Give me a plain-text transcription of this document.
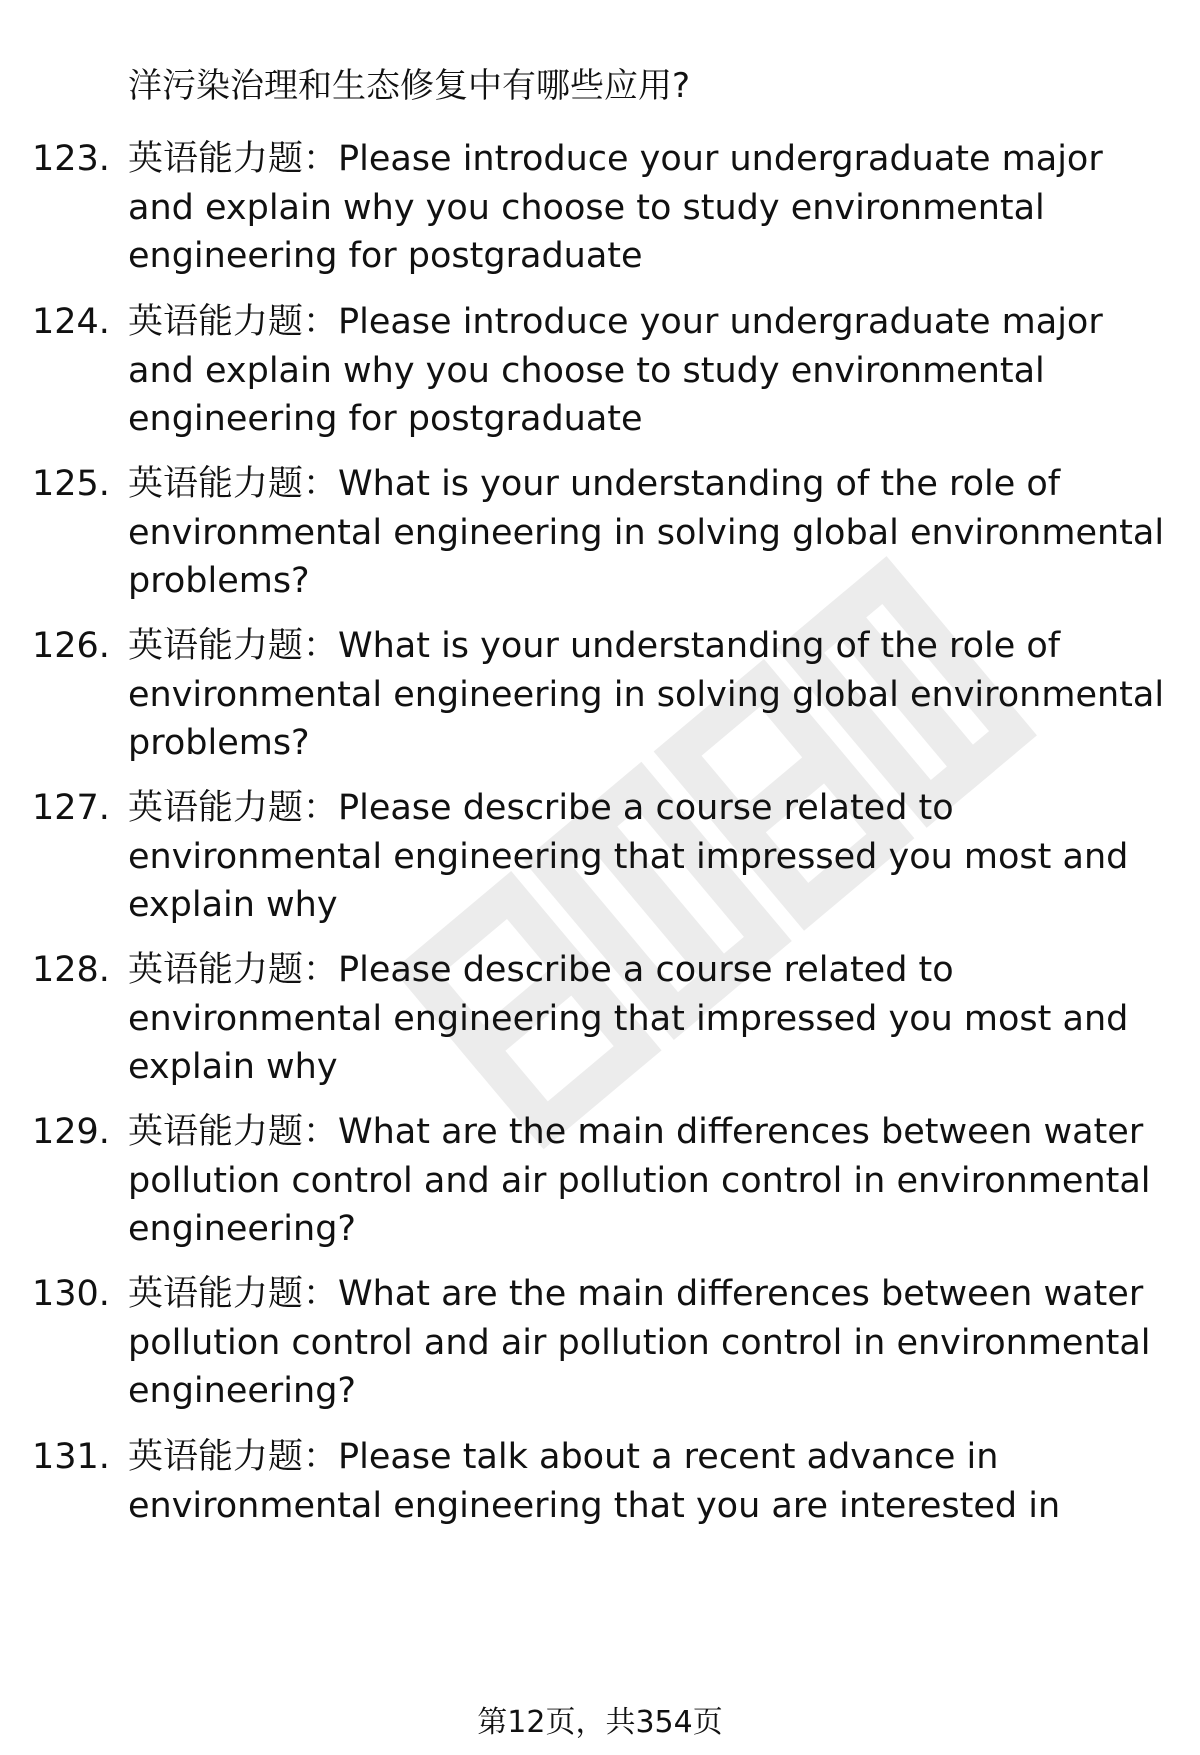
洋污染治理和生态修复中有哪些应用?
123. 英语能力题：Please introduce your undergraduate major
and explain why you choose to study environmental
engineering for postgraduate
124. 英语能力题：Please introduce your undergraduate major
and explain why you choose to study environmental
engineering for postgraduate
125. 英语能力题：What is your understanding of the role of
environmental engineering in solving global environmental
problems?
126. 英语能力题：What is your understanding of the role of
environmental engineering in solving global environmental
problems?
127. 英语能力题：Please describe a course related to
environmental engineering that impressed you most and
explain why
128. 英语能力题：Please describe a course related to
environmental engineering that impressed you most and
explain why
129. 英语能力题：What are the main differences between water
pollution control and air pollution control in environmental
engineering?
130. 英语能力题：What are the main differences between water
pollution control and air pollution control in environmental
engineering?
131. 英语能力题：Please talk about a recent advance in
environmental engineering that you are interested in
第12页，共354页
